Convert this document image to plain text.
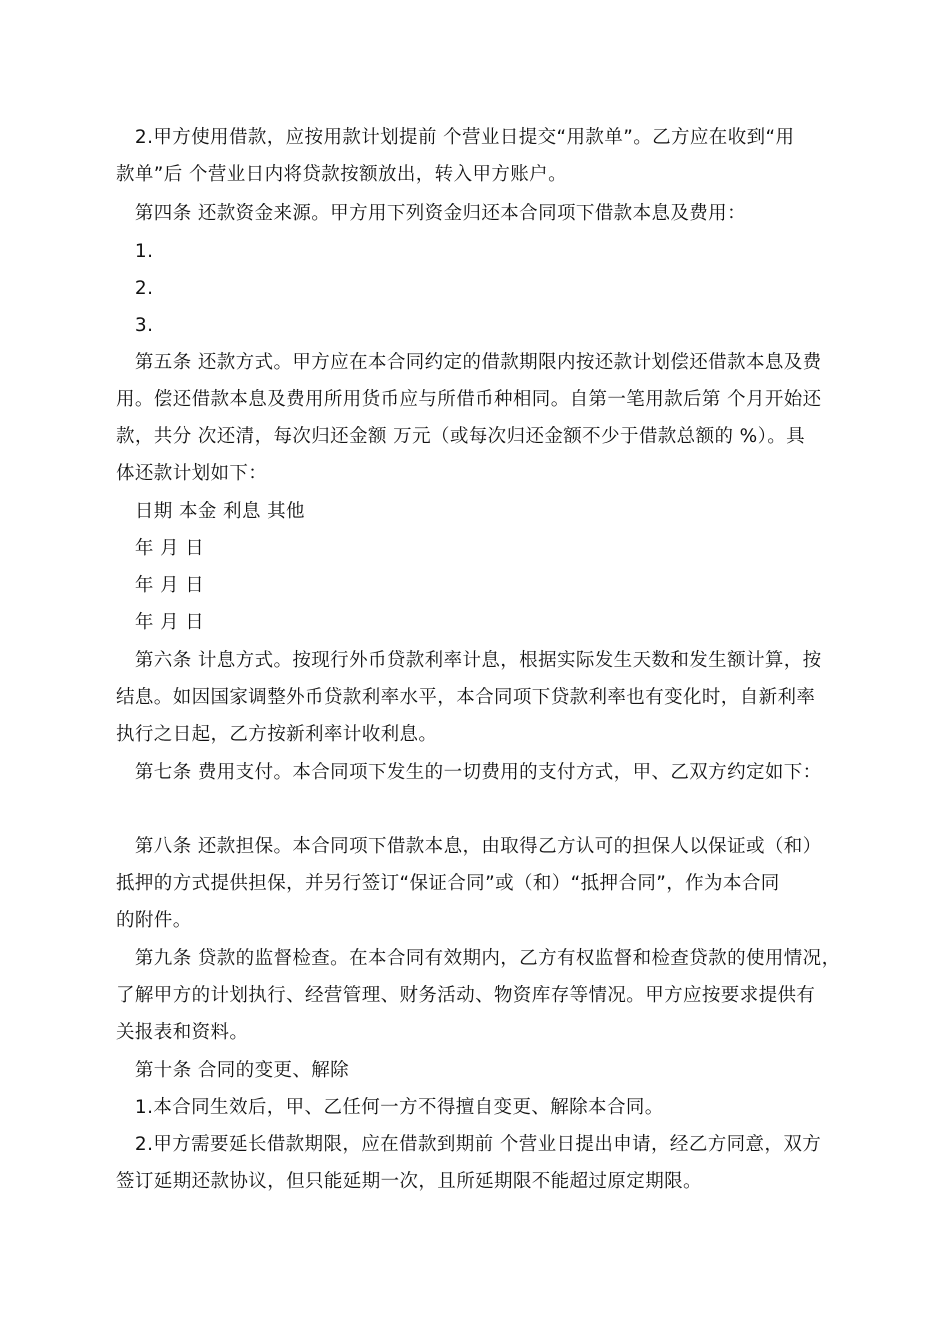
　2.甲方使用借款，应按用款计划提前 个营业日提交“用款单”。乙方应在收到“用
款单”后 个营业日内将贷款按额放出，转入甲方账户。
　第四条 还款资金来源。甲方用下列资金归还本合同项下借款本息及费用：
　1.
　2.
　3.
　第五条 还款方式。甲方应在本合同约定的借款期限内按还款计划偿还借款本息及费
用。偿还借款本息及费用所用货币应与所借币种相同。自第一笔用款后第 个月开始还
款，共分 次还清，每次归还金额 万元（或每次归还金额不少于借款总额的 %）。具
体还款计划如下：
　日期 本金 利息 其他
　年 月 日
　年 月 日
　年 月 日
　第六条 计息方式。按现行外币贷款利率计息，根据实际发生天数和发生额计算，按
结息。如因国家调整外币贷款利率水平，本合同项下贷款利率也有变化时，自新利率
执行之日起，乙方按新利率计收利息。
　第七条 费用支付。本合同项下发生的一切费用的支付方式，甲、乙双方约定如下：
　第八条 还款担保。本合同项下借款本息，由取得乙方认可的担保人以保证或（和）
抵押的方式提供担保，并另行签订“保证合同”或（和）“抵押合同”，作为本合同
的附件。
　第九条 贷款的监督检查。在本合同有效期内，乙方有权监督和检查贷款的使用情况，
了解甲方的计划执行、经营管理、财务活动、物资库存等情况。甲方应按要求提供有
关报表和资料。
　第十条 合同的变更、解除
　1.本合同生效后，甲、乙任何一方不得擅自变更、解除本合同。
　2.甲方需要延长借款期限，应在借款到期前 个营业日提出申请，经乙方同意，双方
签订延期还款协议，但只能延期一次，且所延期限不能超过原定期限。
